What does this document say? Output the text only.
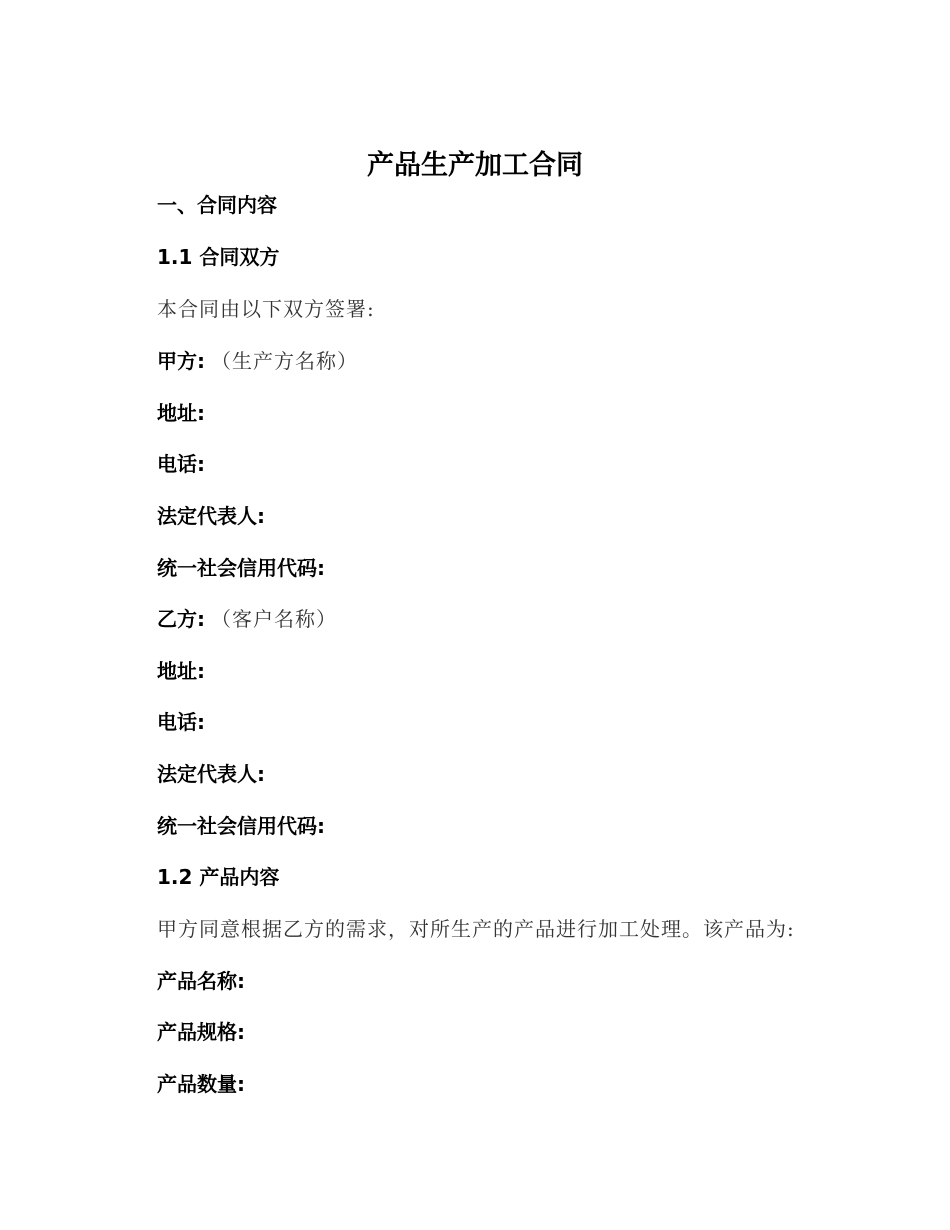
产品生产加工合同

一、合同内容

1.1 合同双方

本合同由以下双方签署:

甲方: （生产方名称）

地址:

电话:

法定代表人:

统一社会信用代码:

乙方: （客户名称）

地址:

电话:

法定代表人:

统一社会信用代码:

1.2 产品内容

甲方同意根据乙方的需求，对所生产的产品进行加工处理。该产品为:

产品名称:

产品规格:

产品数量:
